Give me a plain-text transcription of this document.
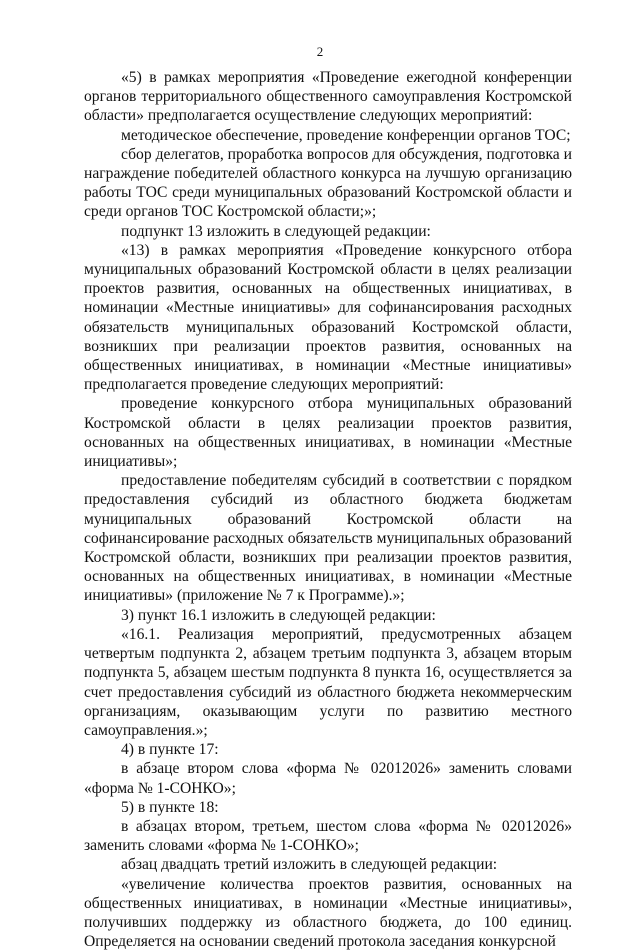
2

«5) в рамках мероприятия «Проведение ежегодной конференции органов территориального общественного самоуправления Костромской области» предполагается осуществление следующих мероприятий:

методическое обеспечение, проведение конференции органов ТОС;

сбор делегатов, проработка вопросов для обсуждения, подготовка и награждение победителей областного конкурса на лучшую организацию работы ТОС среди муниципальных образований Костромской области и среди органов ТОС Костромской области;»;

подпункт 13 изложить в следующей редакции:

«13) в рамках мероприятия «Проведение конкурсного отбора муниципальных образований Костромской области в целях реализации проектов развития, основанных на общественных инициативах, в номинации «Местные инициативы» для софинансирования расходных обязательств муниципальных образований Костромской области, возникших при реализации проектов развития, основанных на общественных инициативах, в номинации «Местные инициативы» предполагается проведение следующих мероприятий:

проведение конкурсного отбора муниципальных образований Костромской области в целях реализации проектов развития, основанных на общественных инициативах, в номинации «Местные инициативы»;

предоставление победителям субсидий в соответствии с порядком предоставления субсидий из областного бюджета бюджетам муниципальных образований Костромской области на софинансирование расходных обязательств муниципальных образований Костромской области, возникших при реализации проектов развития, основанных на общественных инициативах, в номинации «Местные инициативы» (приложение № 7 к Программе).»;

3) пункт 16.1 изложить в следующей редакции:

«16.1. Реализация мероприятий, предусмотренных абзацем четвертым подпункта 2, абзацем третьим подпункта 3, абзацем вторым подпункта 5, абзацем шестым подпункта 8 пункта 16, осуществляется за счет предоставления субсидий из областного бюджета некоммерческим организациям, оказывающим услуги по развитию местного самоуправления.»;

4) в пункте 17:

в абзаце втором слова «форма № 02012026» заменить словами «форма № 1-СОНКО»;

5) в пункте 18:

в абзацах втором, третьем, шестом слова «форма № 02012026» заменить словами «форма № 1-СОНКО»;

абзац двадцать третий изложить в следующей редакции:

«увеличение количества проектов развития, основанных на общественных инициативах, в номинации «Местные инициативы», получивших поддержку из областного бюджета, до 100 единиц. Определяется на основании сведений протокола заседания конкурсной
